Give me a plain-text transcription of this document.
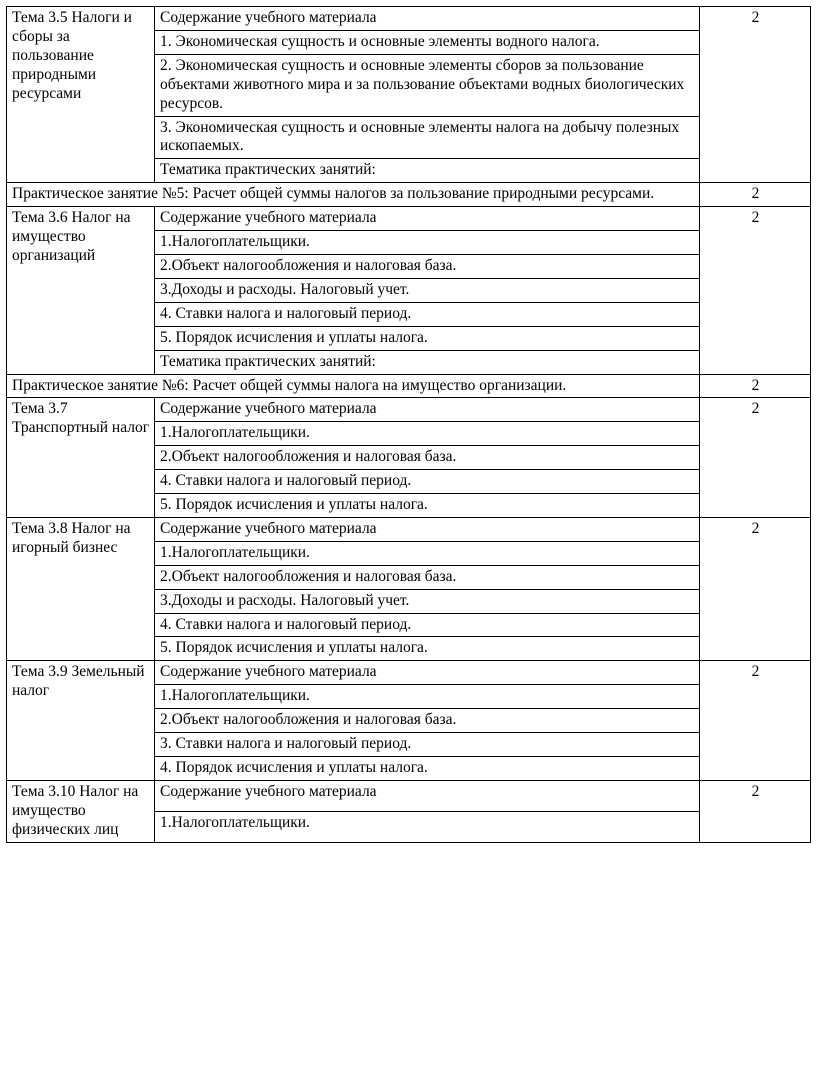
Тема 3.5 Налоги и сборы за пользование природными ресурсами	Содержание учебного материала	2
	1. Экономическая сущность и основные элементы водного налога.	
	2. Экономическая сущность и основные элементы сборов за пользование объектами животного мира и за пользование объектами водных биологических ресурсов.	
	3. Экономическая сущность и основные элементы налога на добычу полезных ископаемых.	
	Тематика практических занятий:	
Практическое занятие №5: Расчет общей суммы налогов за пользование природными ресурсами.		2
Тема 3.6 Налог на имущество организаций	Содержание учебного материала	2
	1.Налогоплательщики.	
	2.Объект налогообложения и налоговая база.	
	3.Доходы и расходы. Налоговый учет.	
	4. Ставки налога и налоговый период.	
	5. Порядок исчисления и уплаты налога.	
	Тематика практических занятий:	
Практическое занятие №6: Расчет общей суммы налога на имущество организации.		2
Тема 3.7 Транспортный налог	Содержание учебного материала	2
	1.Налогоплательщики.	
	2.Объект налогообложения и налоговая база.	
	4. Ставки налога и налоговый период.	
	5. Порядок исчисления и уплаты налога.	
Тема 3.8 Налог на игорный бизнес	Содержание учебного материала	2
	1.Налогоплательщики.	
	2.Объект налогообложения и налоговая база.	
	3.Доходы и расходы. Налоговый учет.	
	4. Ставки налога и налоговый период.	
	5. Порядок исчисления и уплаты налога.	
Тема 3.9 Земельный налог	Содержание учебного материала	2
	1.Налогоплательщики.	
	2.Объект налогообложения и налоговая база.	
	3. Ставки налога и налоговый период.	
	4. Порядок исчисления и уплаты налога.	
Тема 3.10 Налог на имущество физических лиц	Содержание учебного материала	2
	1.Налогоплательщики.	
